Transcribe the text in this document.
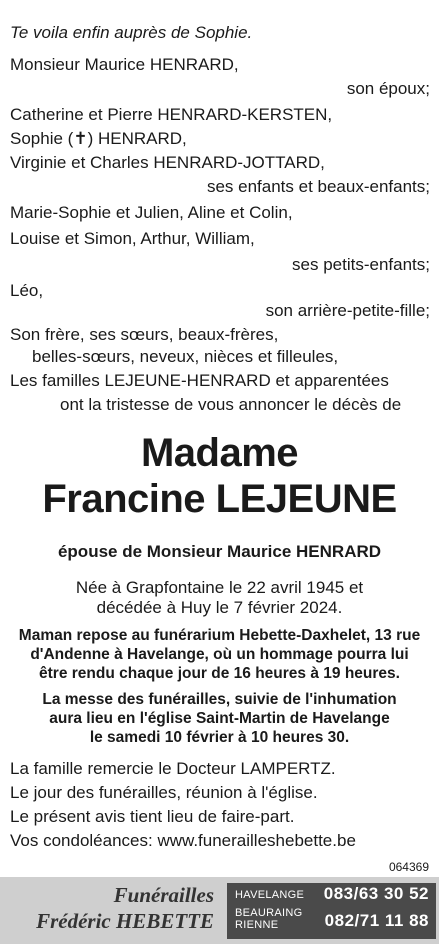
Te voila enfin auprès de Sophie.
Monsieur Maurice HENRARD,
son époux;
Catherine et Pierre HENRARD-KERSTEN,
Sophie (✝) HENRARD,
Virginie et Charles HENRARD-JOTTARD,
ses enfants et beaux-enfants;
Marie-Sophie et Julien, Aline et Colin,
Louise et Simon, Arthur, William,
ses petits-enfants;
Léo,
son arrière-petite-fille;
Son frère, ses sœurs, beaux-frères,
belles-sœurs, neveux, nièces et filleules,
Les familles LEJEUNE-HENRARD et apparentées
ont la tristesse de vous annoncer le décès de
Madame
Francine LEJEUNE
épouse de Monsieur Maurice HENRARD
Née à Grapfontaine le 22 avril 1945 et
décédée à Huy le 7 février 2024.
Maman repose au funérarium Hebette-Daxhelet, 13 rue
d'Andenne à Havelange, où un hommage pourra lui
être rendu chaque jour de 16 heures à 19 heures.
La messe des funérailles, suivie de l'inhumation
aura lieu en l'église Saint-Martin de Havelange
le samedi 10 février à 10 heures 30.
La famille remercie le Docteur LAMPERTZ.
Le jour des funérailles, réunion à l'église.
Le présent avis tient lieu de faire-part.
Vos condoléances: www.funerailleshebette.be
064369
Funérailles
Frédéric HEBETTE
HAVELANGE 083/63 30 52
BEAURAING
RIENNE	082/71 11 88
